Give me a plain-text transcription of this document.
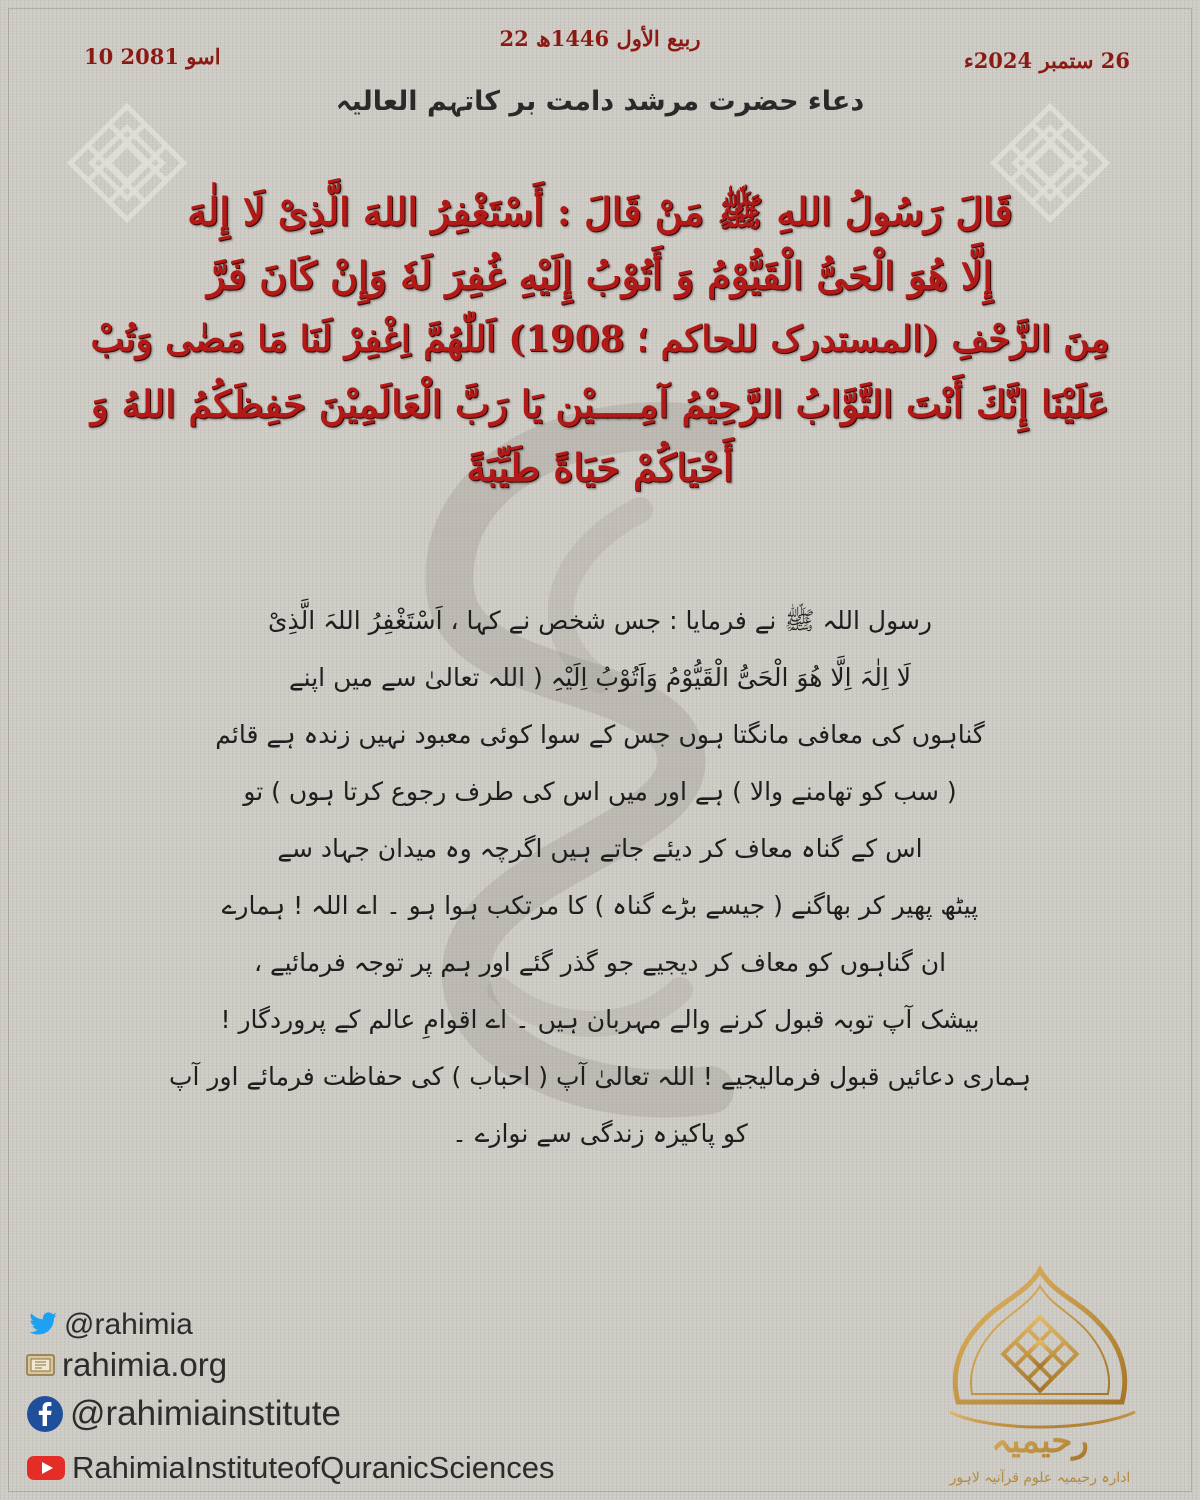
22 ربیع الأول 1446ھ
10 اسو 2081	26 ستمبر 2024ء
دعاء حضرت مرشد دامت بر کاتہم العالیہ
قَالَ رَسُولُ اللهِ ﷺ مَنْ قَالَ : أَسْتَغْفِرُ اللهَ الَّذِىْ لَا إِلٰهَ
إِلَّا هُوَ الْحَىُّ الْقَيُّوْمُ وَ أَتُوْبُ إِلَيْهِ غُفِرَ لَهٗ وَإِنْ كَانَ فَرَّ
مِنَ الزَّحْفِ (المستدرک للحاکم ؛ 1908) اَللّٰهُمَّ اِغْفِرْ لَنَا مَا مَضٰى وَتُبْ
عَلَيْنَا إِنَّكَ أَنْتَ التَّوَّابُ الرَّحِيْمُ آمِــــيْن يَا رَبَّ الْعَالَمِيْنَ حَفِظَكُمُ اللهُ وَ
أَحْيَاكُمْ حَيَاةً طَيِّبَةً
رسول اللہ ﷺ نے فرمایا : جس شخص نے کہا ، اَسْتَغْفِرُ اللہَ الَّذِیْ
لَا اِلٰہَ اِلَّا ھُوَ الْحَیُّ الْقَیُّوْمُ وَاَتُوْبُ اِلَیْہِ ( اللہ تعالیٰ سے میں اپنے
گناہوں کی معافی مانگتا ہوں جس کے سوا کوئی معبود نہیں زندہ ہے قائم
( سب کو تھامنے والا ) ہے اور میں اس کی طرف رجوع کرتا ہوں ) تو
اس کے گناہ معاف کر دیئے جاتے ہیں اگرچہ وہ میدان جہاد سے
پیٹھ پھیر کر بھاگنے ( جیسے بڑے گناہ ) کا مرتکب ہوا ہو ۔ اے اللہ ! ہمارے
ان گناہوں کو معاف کر دیجیے جو گذر گئے اور ہم پر توجہ فرمائیے ،
بیشک آپ توبہ قبول کرنے والے مہربان ہیں ۔ اے اقوامِ عالم کے پروردگار !
ہماری دعائیں قبول فرمالیجیے ! اللہ تعالیٰ آپ ( احباب ) کی حفاظت فرمائے اور آپ
کو پاکیزہ زندگی سے نوازے ۔
@rahimia
rahimia.org
@rahimiainstitute
RahimiaInstituteofQuranicSciences
رحیمیہ
ادارہ رحیمیہ علوم قرآنیہ لاہور
